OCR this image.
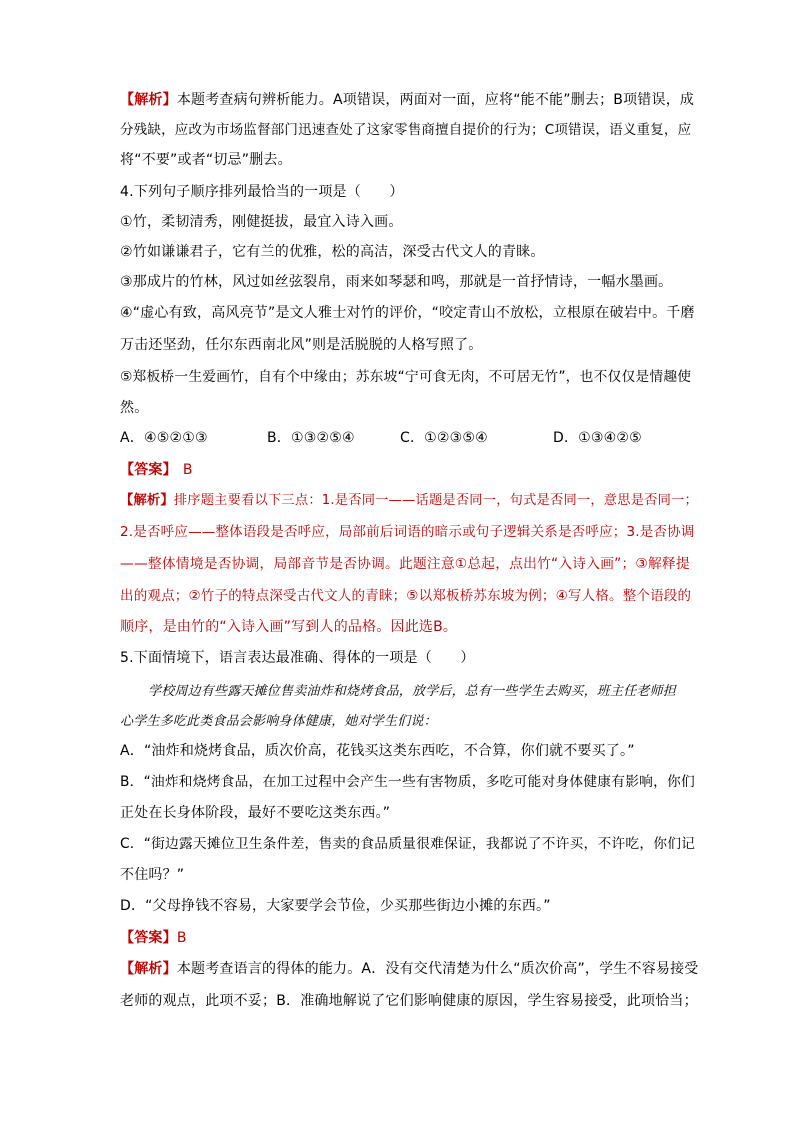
【解析】本题考查病句辨析能力。A项错误，两面对一面，应将“能不能”删去；B项错误，成
分残缺，应改为市场监督部门迅速查处了这家零售商擅自提价的行为；C项错误，语义重复，应
将“不要”或者“切忌”删去。
4.下列句子顺序排列最恰当的一项是（　　）
①竹，柔韧清秀，刚健挺拔，最宜入诗入画。
②竹如谦谦君子，它有兰的优雅，松的高洁，深受古代文人的青睐。
③那成片的竹林，风过如丝弦裂帛，雨来如琴瑟和鸣，那就是一首抒情诗，一幅水墨画。
④“虚心有致，高风亮节”是文人雅士对竹的评价，“咬定青山不放松，立根原在破岩中。千磨
万击还坚劲，任尔东西南北风”则是活脱脱的人格写照了。
⑤郑板桥一生爱画竹，自有个中缘由；苏东坡“宁可食无肉，不可居无竹”，也不仅仅是情趣使
然。
A．④⑤②①③	B．①③②⑤④	C．①②③⑤④	D．①③④②⑤
【答案】 B
【解析】排序题主要看以下三点：1.是否同一——话题是否同一，句式是否同一，意思是否同一；
2.是否呼应——整体语段是否呼应，局部前后词语的暗示或句子逻辑关系是否呼应；3.是否协调
——整体情境是否协调，局部音节是否协调。此题注意①总起，点出竹“入诗入画”；③解释提
出的观点；②竹子的特点深受古代文人的青睐；⑤以郑板桥苏东坡为例；④写人格。整个语段的
顺序，是由竹的“入诗入画”写到人的品格。因此选B。
5.下面情境下，语言表达最准确、得体的一项是（　　）
学校周边有些露天摊位售卖油炸和烧烤食品，放学后，总有一些学生去购买，班主任老师担
心学生多吃此类食品会影响身体健康，她对学生们说：
A．“油炸和烧烤食品，质次价高，花钱买这类东西吃，不合算，你们就不要买了。”
B．“油炸和烧烤食品，在加工过程中会产生一些有害物质，多吃可能对身体健康有影响，你们
正处在长身体阶段，最好不要吃这类东西。”
C．“街边露天摊位卫生条件差，售卖的食品质量很难保证，我都说了不许买，不许吃，你们记
不住吗？”
D．“父母挣钱不容易，大家要学会节俭，少买那些街边小摊的东西。”
【答案】B
【解析】本题考查语言的得体的能力。A．没有交代清楚为什么“质次价高”，学生不容易接受
老师的观点，此项不妥；B．准确地解说了它们影响健康的原因，学生容易接受，此项恰当；
